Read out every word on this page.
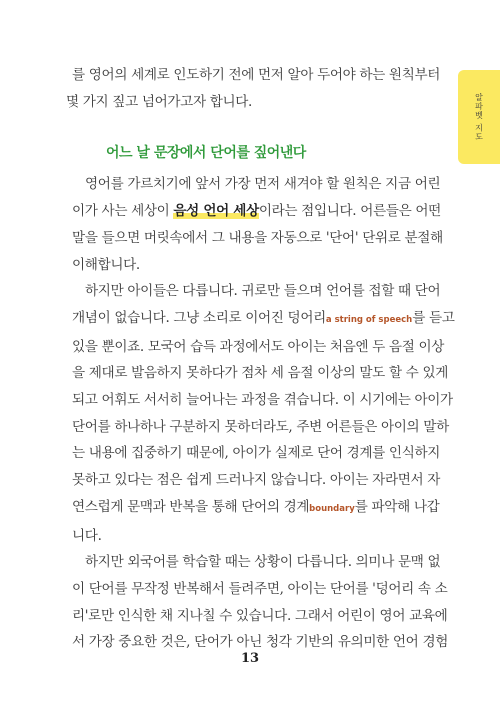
알파벳 지도
를 영어의 세계로 인도하기 전에 먼저 알아 두어야 하는 원칙부터
몇 가지 짚고 넘어가고자 합니다.
영어를 가르치기에 앞서 가장 먼저 새겨야 할 원칙은 지금 어린
이가 사는 세상이 음성 언어 세상이라는 점입니다. 어른들은 어떤
말을 들으면 머릿속에서 그 내용을 자동으로 '단어' 단위로 분절해
이해합니다.
하지만 아이들은 다릅니다. 귀로만 들으며 언어를 접할 때 단어
개념이 없습니다. 그냥 소리로 이어진 덩어리a string of speech를 듣고
있을 뿐이죠. 모국어 습득 과정에서도 아이는 처음엔 두 음절 이상
을 제대로 발음하지 못하다가 점차 세 음절 이상의 말도 할 수 있게
되고 어휘도 서서히 늘어나는 과정을 겪습니다. 이 시기에는 아이가
단어를 하나하나 구분하지 못하더라도, 주변 어른들은 아이의 말하
는 내용에 집중하기 때문에, 아이가 실제로 단어 경계를 인식하지
못하고 있다는 점은 쉽게 드러나지 않습니다. 아이는 자라면서 자
연스럽게 문맥과 반복을 통해 단어의 경계boundary를 파악해 나갑
니다.
하지만 외국어를 학습할 때는 상황이 다릅니다. 의미나 문맥 없
이 단어를 무작정 반복해서 들려주면, 아이는 단어를 '덩어리 속 소
리'로만 인식한 채 지나칠 수 있습니다. 그래서 어린이 영어 교육에
서 가장 중요한 것은, 단어가 아닌 청각 기반의 유의미한 언어 경험
어느 날 문장에서 단어를 짚어낸다
13
